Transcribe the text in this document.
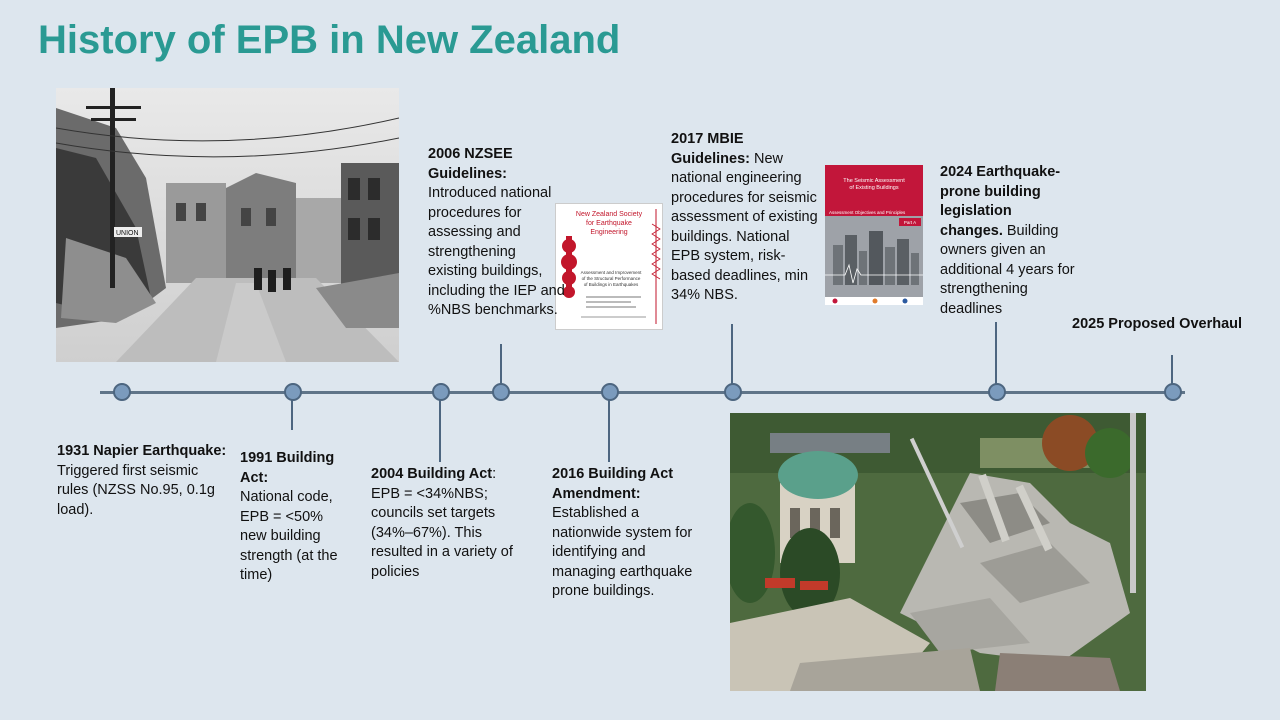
History of EPB in New Zealand
UNION
New Zealand Society
for Earthquake
Engineering
Assessment and Improvement
of the Structural Performance
of Buildings in Earthquakes
The Seismic Assessment
of Existing Buildings
Assessment Objectives and Principles
Part A
1931 Napier Earthquake:
Triggered first seismic rules (NZSS No.95, 0.1g load).
1991 Building Act:
National code, EPB = <50% new building strength (at the time)
2004 Building Act:
EPB = <34%NBS; councils set targets (34%–67%). This resulted in a variety of policies
2006 NZSEE Guidelines:
Introduced national procedures for assessing and strengthening existing buildings, including the IEP and %NBS benchmarks.
2016 Building Act Amendment:
Established a nationwide system for identifying and managing earthquake prone buildings.
2017 MBIE Guidelines: New national engineering procedures for seismic assessment of existing buildings. National EPB system, risk-based deadlines, min 34% NBS.
2024 Earthquake-prone building legislation changes. Building owners given an additional 4 years for strengthening deadlines
2025 Proposed Overhaul
